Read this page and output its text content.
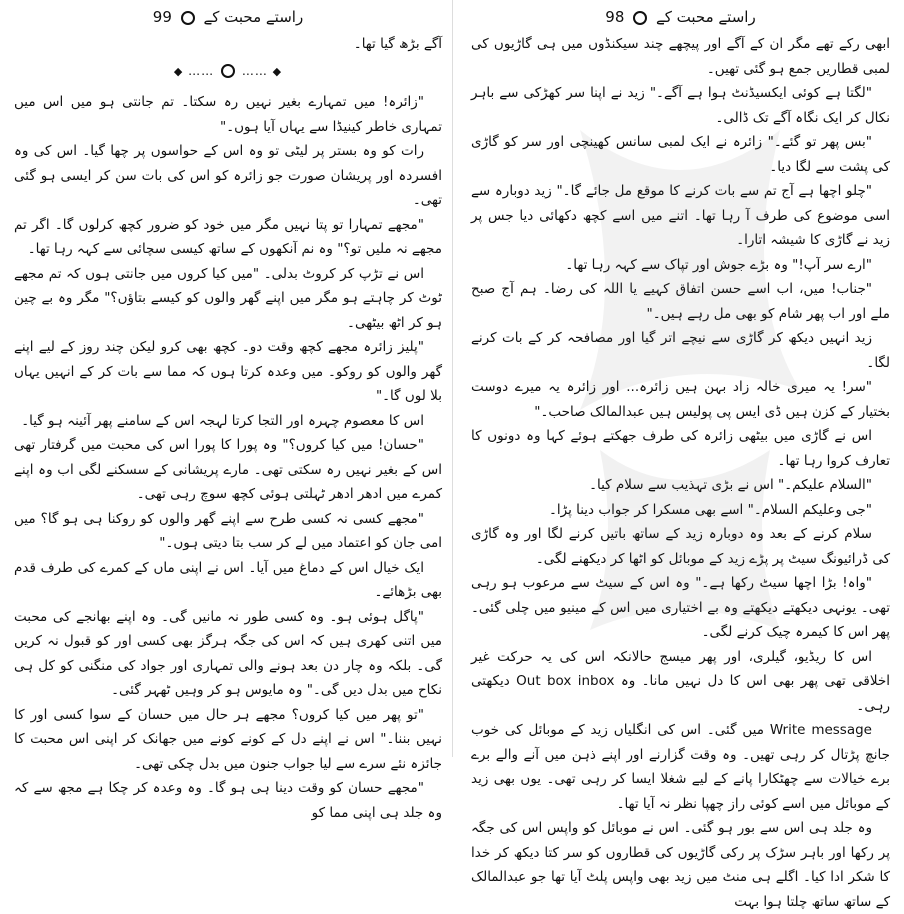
راستے محبت کے  99

آگے بڑھ گیا تھا۔

◆ ……  …… ◆

"زائرہ! میں تمہارے بغیر نہیں رہ سکتا۔ تم جانتی ہو میں اس میں تمہاری خاطر کینیڈا سے یہاں آیا ہوں۔"

رات کو وہ بستر پر لیٹی تو وہ اس کے حواسوں پر چھا گیا۔ اس کی وہ افسردہ اور پریشان صورت جو زائرہ کو اس کی بات سن کر ایسی ہو گئی تھی۔

"مجھے تمہارا تو پتا نہیں مگر میں خود کو ضرور کچھ کرلوں گا۔ اگر تم مجھے نہ ملیں تو؟" وہ نم آنکھوں کے ساتھ کیسی سچائی سے کہہ رہا تھا۔

اس نے تڑپ کر کروٹ بدلی۔ "میں کیا کروں میں جانتی ہوں کہ تم مجھے ٹوٹ کر چاہتے ہو مگر میں اپنے گھر والوں کو کیسے بتاؤں؟" مگر وہ بے چین ہو کر اٹھ بیٹھی۔

"پلیز زائرہ مجھے کچھ وقت دو۔ کچھ بھی کرو لیکن چند روز کے لیے اپنے گھر والوں کو روکو۔ میں وعدہ کرتا ہوں کہ مما سے بات کر کے انہیں یہاں بلا لوں گا۔"

اس کا معصوم چہرہ اور التجا کرتا لہجہ اس کے سامنے پھر آئینہ ہو گیا۔

"حسان! میں کیا کروں؟" وہ پورا کا پورا اس کی محبت میں گرفتار تھی اس کے بغیر نہیں رہ سکتی تھی۔ مارے پریشانی کے سسکنے لگی اب وہ اپنے کمرے میں ادھر ادھر ٹہلتی ہوئی کچھ سوچ رہی تھی۔

"مجھے کسی نہ کسی طرح سے اپنے گھر والوں کو روکنا ہی ہو گا؟ میں امی جان کو اعتماد میں لے کر سب بتا دیتی ہوں۔"

ایک خیال اس کے دماغ میں آیا۔ اس نے اپنی ماں کے کمرے کی طرف قدم بھی بڑھائے۔

"پاگل ہوئی ہو۔ وہ کسی طور نہ مانیں گی۔ وہ اپنے بھانجے کی محبت میں اتنی کھری ہیں کہ اس کی جگہ ہرگز بھی کسی اور کو قبول نہ کریں گی۔ بلکہ وہ چار دن بعد ہونے والی تمہاری اور جواد کی منگنی کو کل ہی نکاح میں بدل دیں گی۔" وہ مایوس ہو کر وہیں ٹھہر گئی۔

"تو پھر میں کیا کروں؟ مجھے ہر حال میں حسان کے سوا کسی اور کا نہیں بننا۔" اس نے اپنے دل کے کونے کونے میں جھانک کر اپنی اس محبت کا جائزہ نئے سرے سے لیا جواب جنون میں بدل چکی تھی۔

"مجھے حسان کو وقت دینا ہی ہو گا۔ وہ وعدہ کر چکا ہے مجھ سے کہ وہ جلد ہی اپنی مما کو

راستے محبت کے  98

ابھی رکے تھے مگر ان کے آگے اور پیچھے چند سیکنڈوں میں ہی گاڑیوں کی لمبی قطاریں جمع ہو گئی تھیں۔

"لگتا ہے کوئی ایکسیڈنٹ ہوا ہے آگے۔" زید نے اپنا سر کھڑکی سے باہر نکال کر ایک نگاہ آگے تک ڈالی۔

"بس پھر تو گئے۔" زائرہ نے ایک لمبی سانس کھینچی اور سر کو گاڑی کی پشت سے لگا دیا۔

"چلو اچھا ہے آج تم سے بات کرنے کا موقع مل جائے گا۔" زید دوبارہ سے اسی موضوع کی طرف آ رہا تھا۔ اتنے میں اسے کچھ دکھائی دیا جس پر زید نے گاڑی کا شیشہ اتارا۔

"ارے سر آپ!" وہ بڑے جوش اور تپاک سے کہہ رہا تھا۔

"جناب! میں، اب اسے حسن اتفاق کہیے یا اللہ کی رضا۔ ہم آج صبح ملے اور اب پھر شام کو بھی مل رہے ہیں۔"

زید انہیں دیکھ کر گاڑی سے نیچے اتر گیا اور مصافحہ کر کے بات کرنے لگا۔

"سر! یہ میری خالہ زاد بہن ہیں زائرہ... اور زائرہ یہ میرے دوست بختیار کے کزن ہیں ڈی ایس پی پولیس ہیں عبدالمالک صاحب۔"

اس نے گاڑی میں بیٹھی زائرہ کی طرف جھکتے ہوئے کہا وہ دونوں کا تعارف کروا رہا تھا۔

"السلام علیکم۔" اس نے بڑی تہذیب سے سلام کیا۔

"جی وعلیکم السلام۔" اسے بھی مسکرا کر جواب دینا پڑا۔

سلام کرنے کے بعد وہ دوبارہ زید کے ساتھ باتیں کرنے لگا اور وہ گاڑی کی ڈرائیونگ سیٹ پر پڑے زید کے موبائل کو اٹھا کر دیکھنے لگی۔

"واہ! بڑا اچھا سیٹ رکھا ہے۔" وہ اس کے سیٹ سے مرعوب ہو رہی تھی۔ یونہی دیکھتے دیکھتے وہ بے اختیاری میں اس کے مینیو میں چلی گئی۔ پھر اس کا کیمرہ چیک کرنے لگی۔

اس کا ریڈیو، گیلری، اور پھر میسج حالانکہ اس کی یہ حرکت غیر اخلاقی تھی پھر بھی اس کا دل نہیں مانا۔ وہ Out box inbox دیکھتی رہی۔

Write message میں گئی۔ اس کی انگلیاں زید کے موبائل کی خوب جانچ پڑتال کر رہی تھیں۔ وہ وقت گزارنے اور اپنے ذہن میں آنے والے برے برے خیالات سے چھٹکارا پانے کے لیے شغلا ایسا کر رہی تھی۔ یوں بھی زید کے موبائل میں اسے کوئی راز چھپا نظر نہ آیا تھا۔

وہ جلد ہی اس سے بور ہو گئی۔ اس نے موبائل کو واپس اس کی جگہ پر رکھا اور باہر سڑک پر رکی گاڑیوں کی قطاروں کو سر کتا دیکھ کر خدا کا شکر ادا کیا۔ اگلے ہی منٹ میں زید بھی واپس پلٹ آیا تھا جو عبدالمالک کے ساتھ ساتھ چلتا ہوا بہت
